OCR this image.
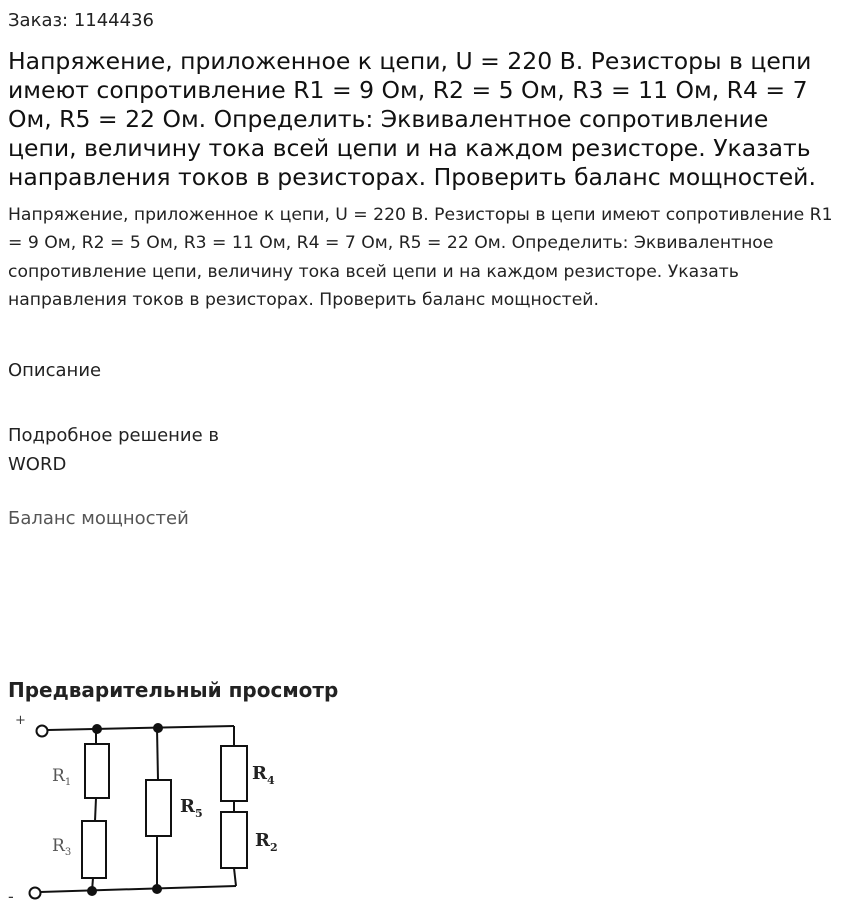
Заказ: 1144436
Напряжение, приложенное к цепи, U = 220 В. Резисторы в цепи имеют сопротивление R1 = 9 Ом, R2 = 5 Ом, R3 = 11 Ом, R4 = 7 Ом, R5 = 22 Ом. Определить: Эквивалентное сопротивление цепи, величину тока всей цепи и на каждом резисторе. Указать направления токов в резисторах. Проверить баланс мощностей.

Напряжение, приложенное к цепи, U = 220 В. Резисторы в цепи имеют сопротивление R1 = 9 Ом, R2 = 5 Ом, R3 = 11 Ом, R4 = 7 Ом, R5 = 22 Ом. Определить: Эквивалентное сопротивление цепи, величину тока всей цепи и на каждом резисторе. Указать направления токов в резисторах. Проверить баланс мощностей.

Описание
Подробное решение в WORD
Баланс мощностей
Предварительный просмотр
+
-
$R_1$
$R_3$
$R_5$
$R_4$
$R_2$
